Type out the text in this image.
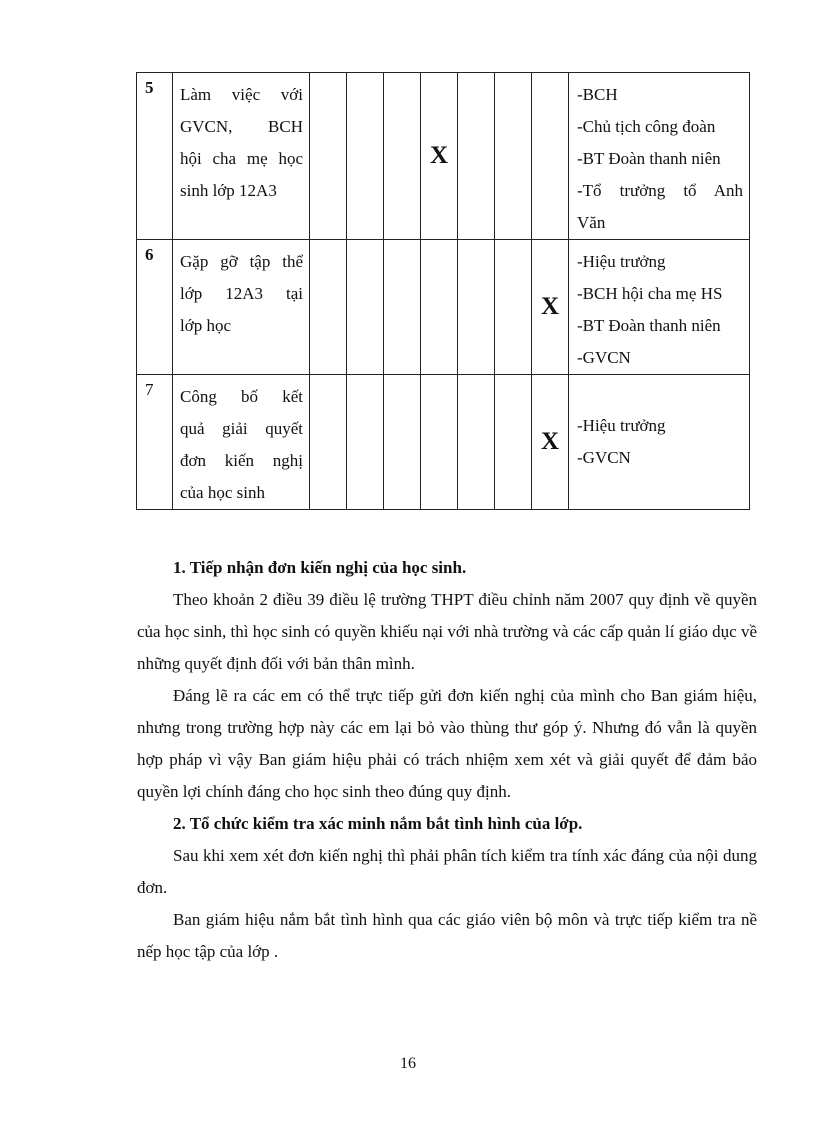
5	Làm việc với
GVCN, BCH
hội cha mẹ học
sinh lớp 12A3				X				-BCH
-Chủ tịch công đoàn
-BT Đoàn thanh niên
-Tổ trưởng tổ Anh
Văn

6	Gặp gỡ tập thể
lớp 12A3 tại
lớp học							X	-Hiệu trưởng
-BCH hội cha mẹ HS
-BT Đoàn thanh niên
-GVCN

7	Công bố kết
quả giải quyết
đơn kiến nghị
của học sinh							X	-Hiệu trưởng
-GVCN
1. Tiếp nhận đơn kiến nghị của học sinh.

Theo khoản 2 điều 39 điều lệ trường THPT điều chỉnh năm 2007 quy định về quyền của học sinh, thì học sinh có quyền khiếu nại với nhà trường và các cấp quản lí giáo dục về những quyết định đối với bản thân mình.

Đáng lẽ ra các em có thể trực tiếp gửi đơn kiến nghị của mình cho Ban giám hiệu, nhưng trong trường hợp này các em lại bỏ vào thùng thư góp ý. Nhưng đó vẫn là quyền hợp pháp vì vậy Ban giám hiệu phải có trách nhiệm xem xét và giải quyết để đảm bảo quyền lợi chính đáng cho học sinh theo đúng quy định.

2. Tổ chức kiểm tra xác minh nắm bắt tình hình của lớp.

Sau khi xem xét đơn kiến nghị thì phải phân tích kiểm tra tính xác đáng của nội dung đơn.

Ban giám hiệu nắm bắt tình hình qua các giáo viên bộ môn và trực tiếp kiểm tra nề nếp học tập của lớp .

16
